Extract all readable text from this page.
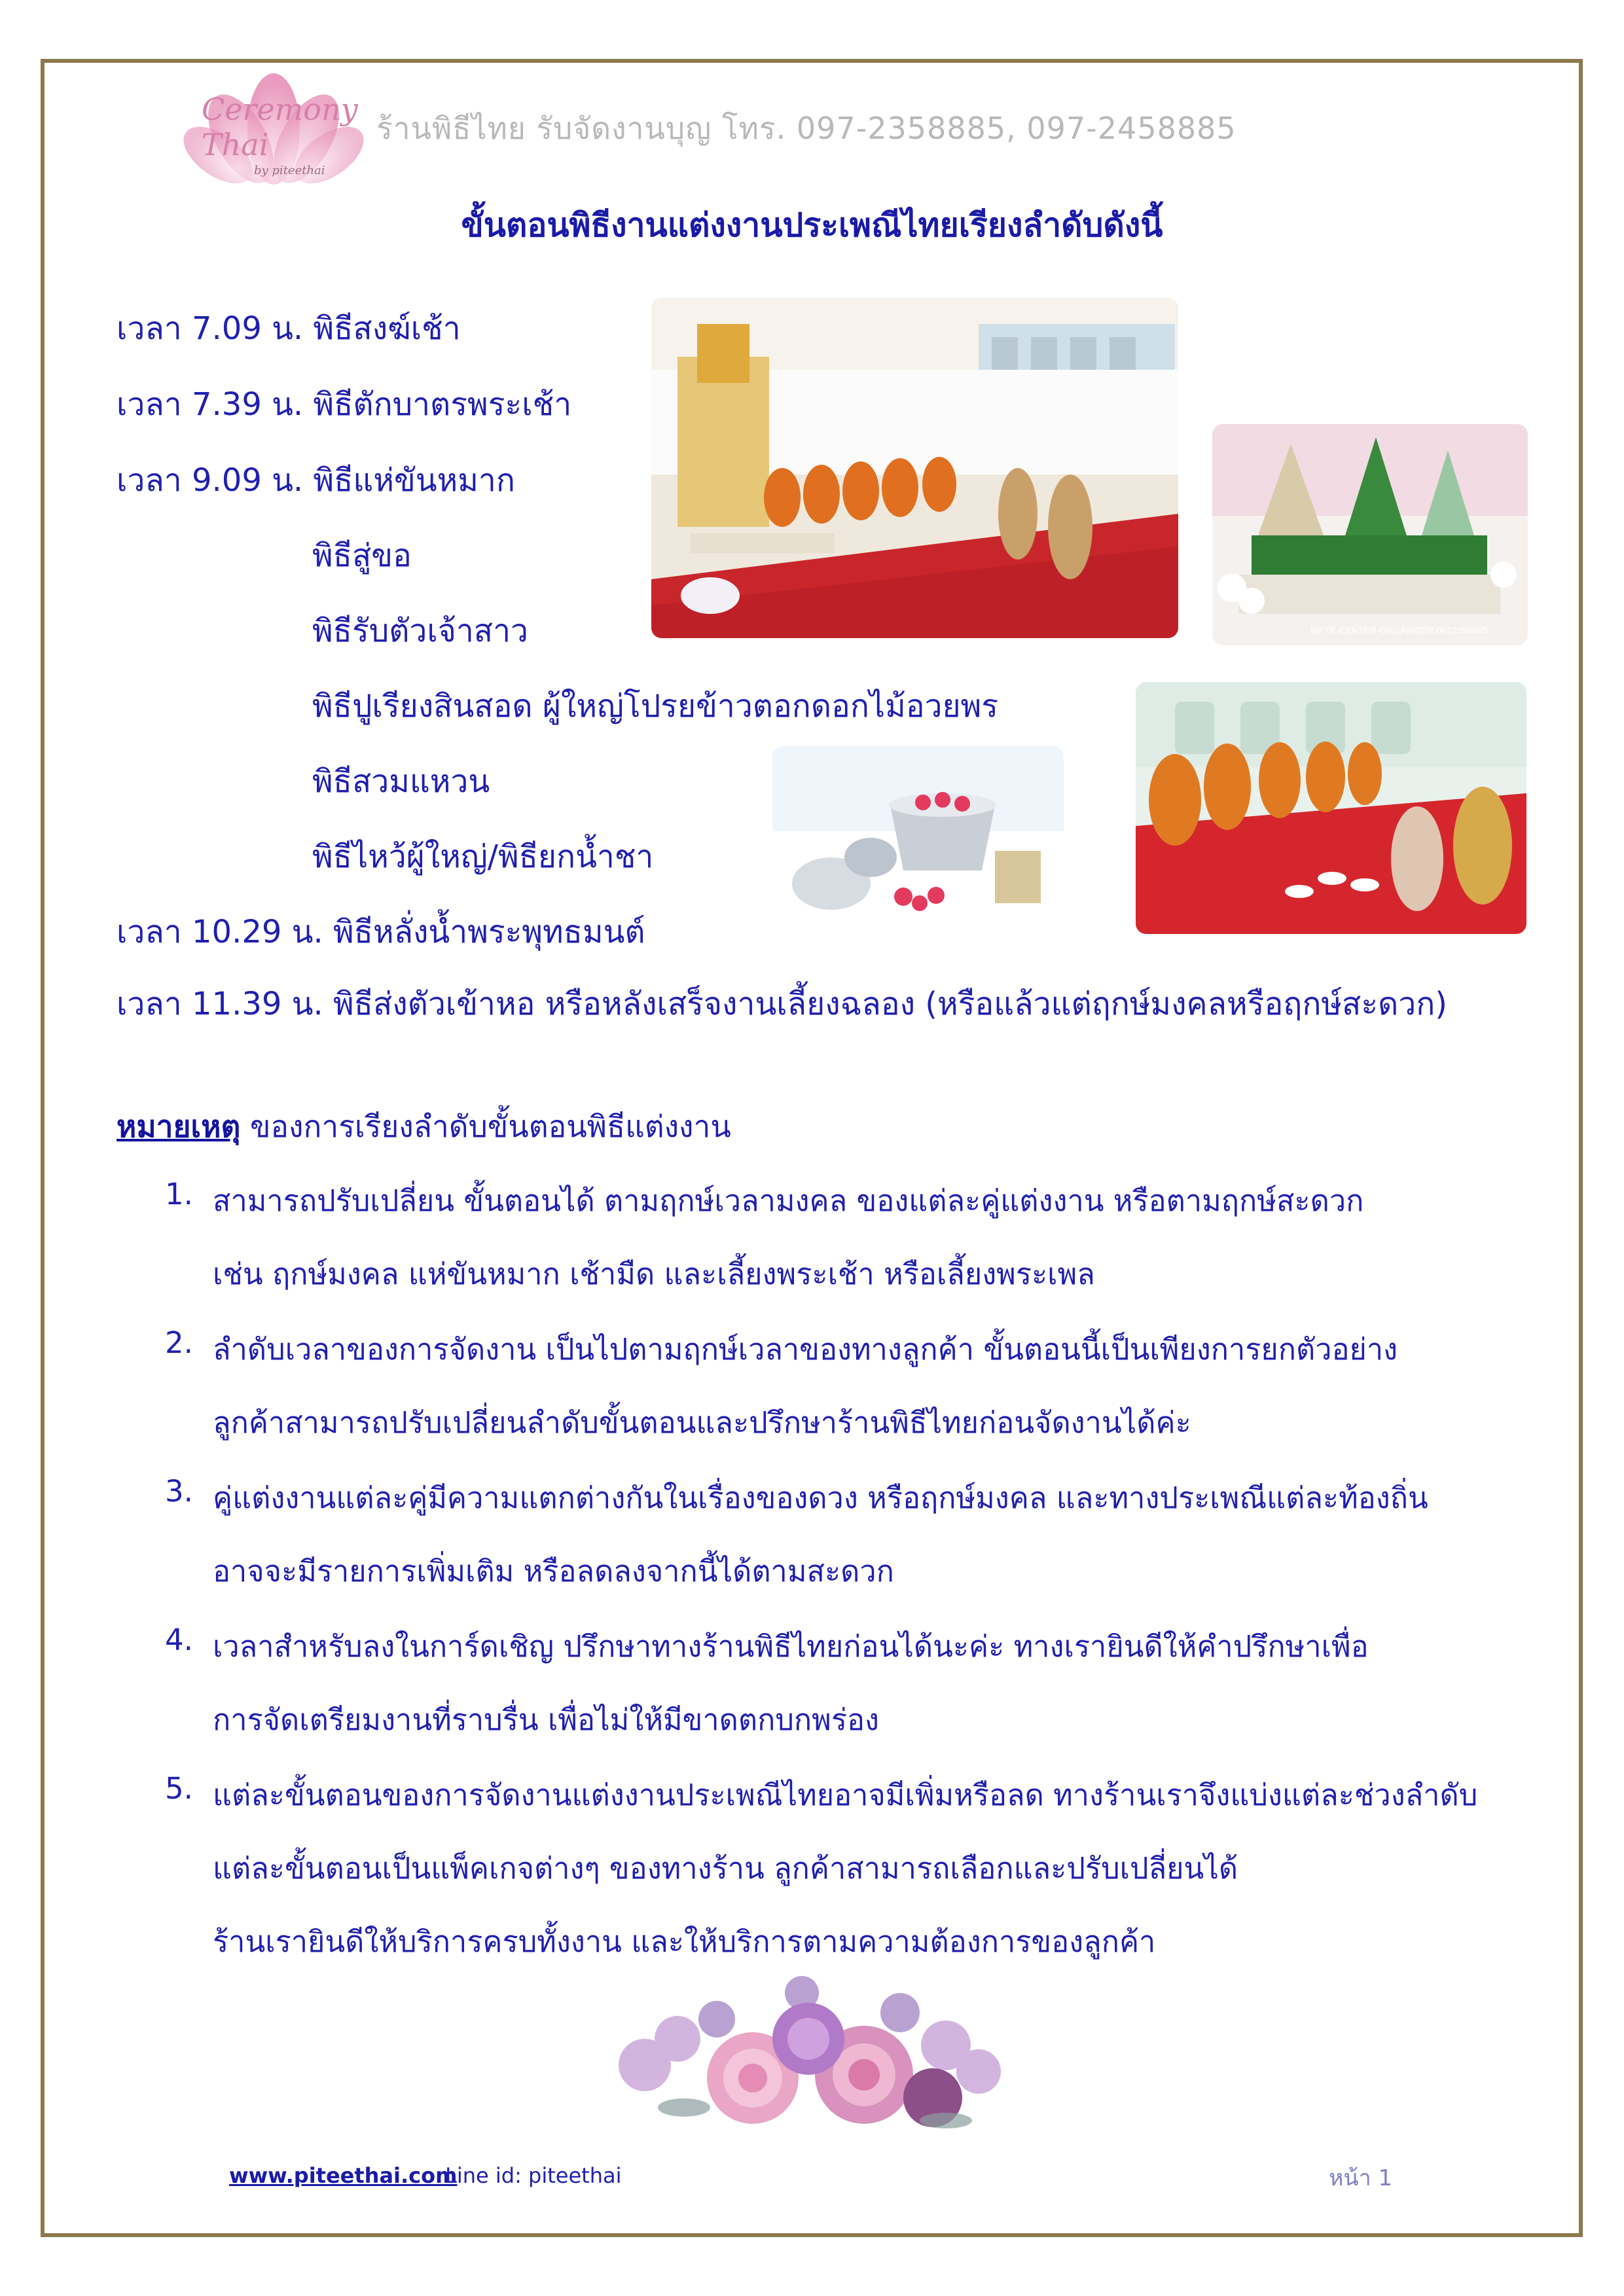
Ceremony Thai
by piteethai
ร้านพิธีไทย รับจัดงานบุญ โทร. 097-2358885, 097-2458885
ขั้นตอนพิธีงานแต่งงานประเพณีไทยเรียงลำดับดังนี้
เวลา 7.09 น. พิธีสงฆ์เช้า
เวลา 7.39 น. พิธีตักบาตรพระเช้า
เวลา 9.09 น. พิธีแห่ขันหมาก
พิธีสู่ขอ
พิธีรับตัวเจ้าสาว
พิธีปูเรียงสินสอด ผู้ใหญ่โปรยข้าวตอกดอกไม้อวยพร
พิธีสวมแหวน
พิธีไหว้ผู้ใหญ่/พิธียกน้ำชา
เวลา 10.29 น. พิธีหลั่งน้ำพระพุทธมนต์
เวลา 11.39 น. พิธีส่งตัวเข้าหอ หรือหลังเสร็จงานเลี้ยงฉลอง (หรือแล้วแต่ฤกษ์มงคลหรือฤกษ์สะดวก)
BY TK CENTER ORGANIZER 0972358885
หมายเหตุ ของการเรียงลำดับขั้นตอนพิธีแต่งงาน
1. สามารถปรับเปลี่ยน ขั้นตอนได้ ตามฤกษ์เวลามงคล ของแต่ละคู่แต่งงาน หรือตามฤกษ์สะดวก
เช่น ฤกษ์มงคล แห่ขันหมาก เช้ามืด และเลี้ยงพระเช้า หรือเลี้ยงพระเพล
2. ลำดับเวลาของการจัดงาน เป็นไปตามฤกษ์เวลาของทางลูกค้า ขั้นตอนนี้เป็นเพียงการยกตัวอย่าง
ลูกค้าสามารถปรับเปลี่ยนลำดับขั้นตอนและปรึกษาร้านพิธีไทยก่อนจัดงานได้ค่ะ
3. คู่แต่งงานแต่ละคู่มีความแตกต่างกันในเรื่องของดวง หรือฤกษ์มงคล และทางประเพณีแต่ละท้องถิ่น
อาจจะมีรายการเพิ่มเติม หรือลดลงจากนี้ได้ตามสะดวก
4. เวลาสำหรับลงในการ์ดเชิญ ปรึกษาทางร้านพิธีไทยก่อนได้นะค่ะ ทางเรายินดีให้คำปรึกษาเพื่อ
การจัดเตรียมงานที่ราบรื่น เพื่อไม่ให้มีขาดตกบกพร่อง
5. แต่ละขั้นตอนของการจัดงานแต่งงานประเพณีไทยอาจมีเพิ่มหรือลด ทางร้านเราจึงแบ่งแต่ละช่วงลำดับ
แต่ละขั้นตอนเป็นแพ็คเกจต่างๆ ของทางร้าน ลูกค้าสามารถเลือกและปรับเปลี่ยนได้
ร้านเรายินดีให้บริการครบทั้งงาน และให้บริการตามความต้องการของลูกค้า
www.piteethai.com
Line id: piteethai	หน้า 1
